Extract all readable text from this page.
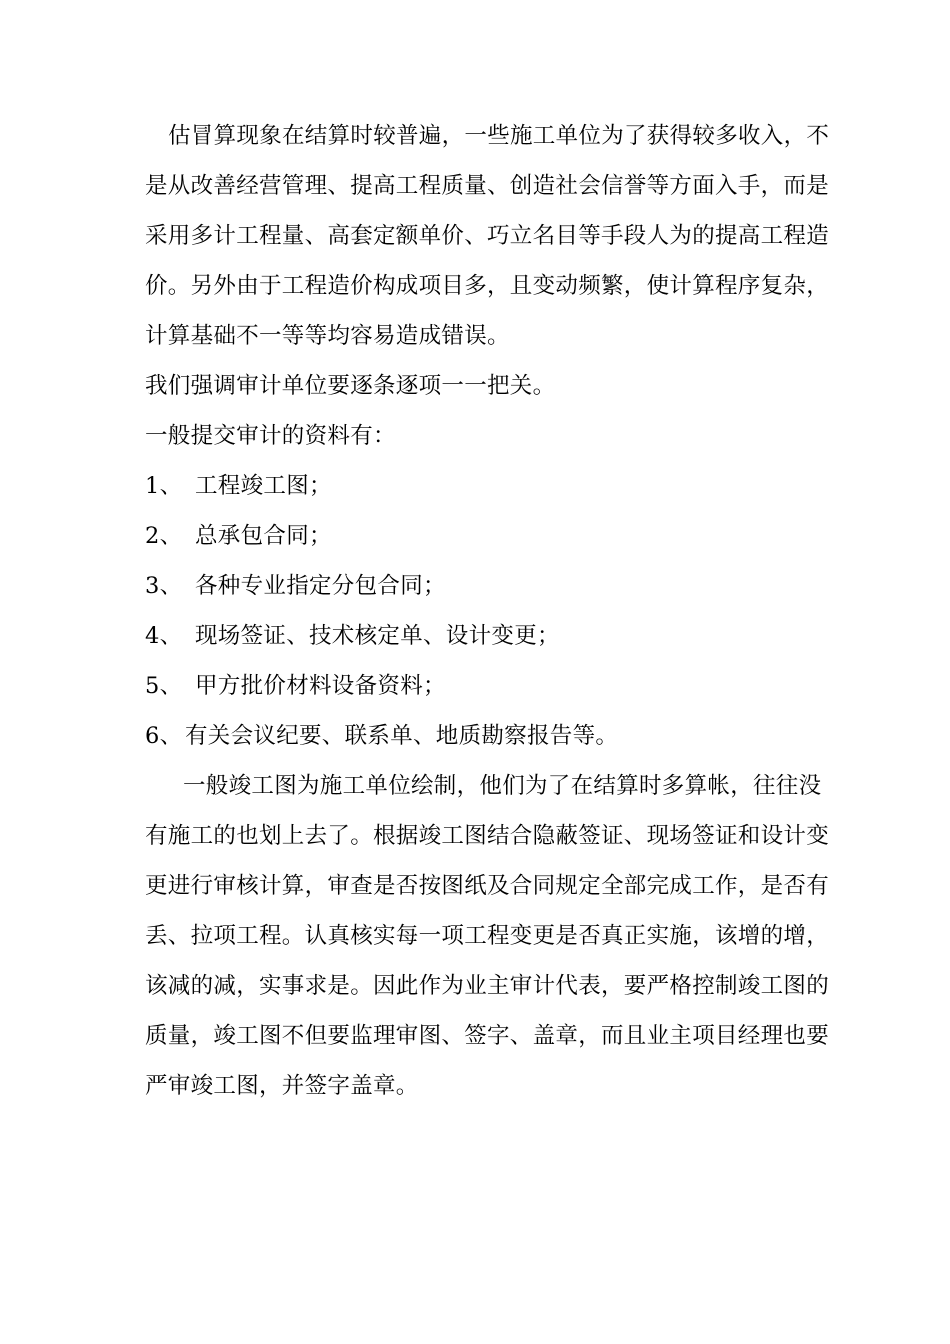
估冒算现象在结算时较普遍，一些施工单位为了获得较多收入，不
是从改善经营管理、提高工程质量、创造社会信誉等方面入手，而是
采用多计工程量、高套定额单价、巧立名目等手段人为的提高工程造
价。另外由于工程造价构成项目多，且变动频繁，使计算程序复杂，
计算基础不一等等均容易造成错误。
我们强调审计单位要逐条逐项一一把关。
一般提交审计的资料有：
1、 工程竣工图；
2、 总承包合同；
3、 各种专业指定分包合同；
4、 现场签证、技术核定单、设计变更；
5、 甲方批价材料设备资料；
6、 有关会议纪要、联系单、地质勘察报告等。
一般竣工图为施工单位绘制，他们为了在结算时多算帐，往往没
有施工的也划上去了。根据竣工图结合隐蔽签证、现场签证和设计变
更进行审核计算，审查是否按图纸及合同规定全部完成工作，是否有
丢、拉项工程。认真核实每一项工程变更是否真正实施，该增的增，
该减的减，实事求是。因此作为业主审计代表，要严格控制竣工图的
质量，竣工图不但要监理审图、签字、盖章，而且业主项目经理也要
严审竣工图，并签字盖章。
